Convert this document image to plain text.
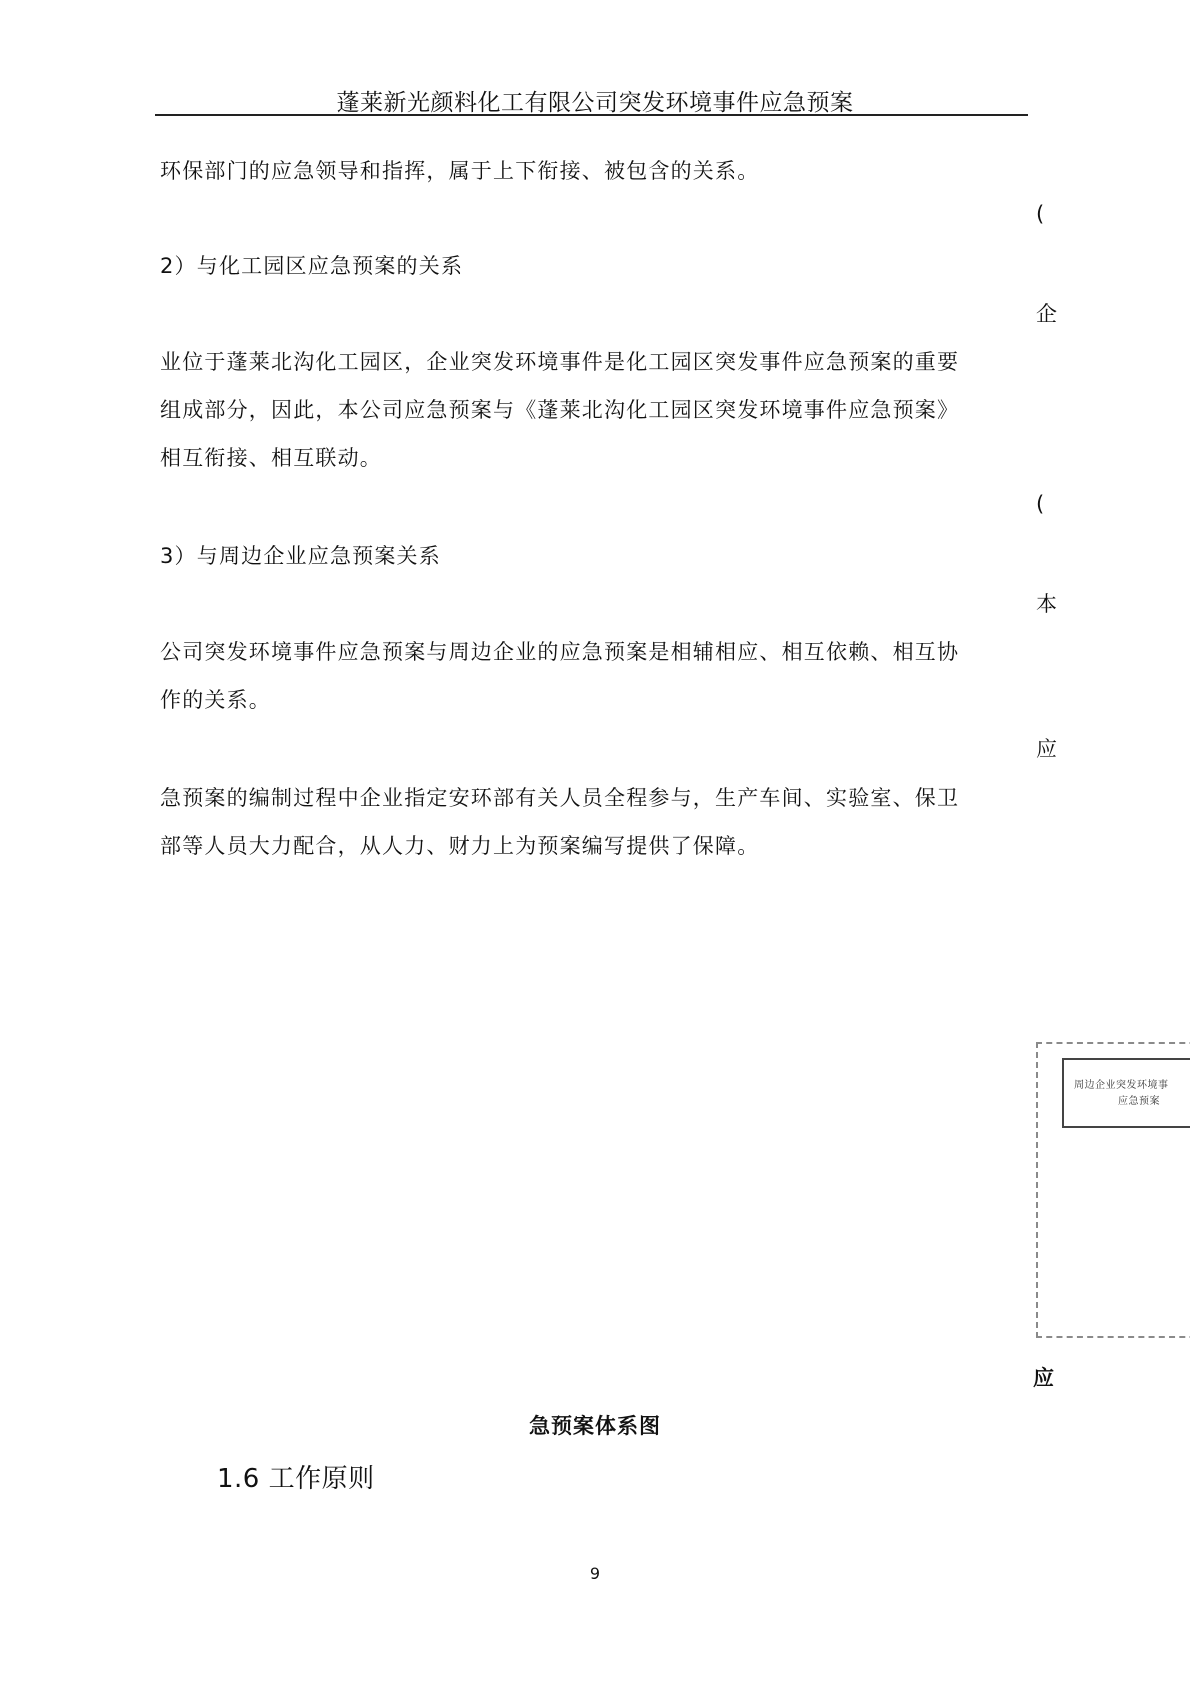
蓬莱新光颜料化工有限公司突发环境事件应急预案
环保部门的应急领导和指挥，属于上下衔接、被包含的关系。
(
2）与化工园区应急预案的关系
企
业位于蓬莱北沟化工园区，企业突发环境事件是化工园区突发事件应急预案的重要
组成部分，因此，本公司应急预案与《蓬莱北沟化工园区突发环境事件应急预案》
相互衔接、相互联动。
(
3）与周边企业应急预案关系
本
公司突发环境事件应急预案与周边企业的应急预案是相辅相应、相互依赖、相互协
作的关系。
应
急预案的编制过程中企业指定安环部有关人员全程参与，生产车间、实验室、保卫
部等人员大力配合，从人力、财力上为预案编写提供了保障。
周边企业突发环境事
应急预案
应
急预案体系图
1.6 工作原则
9
